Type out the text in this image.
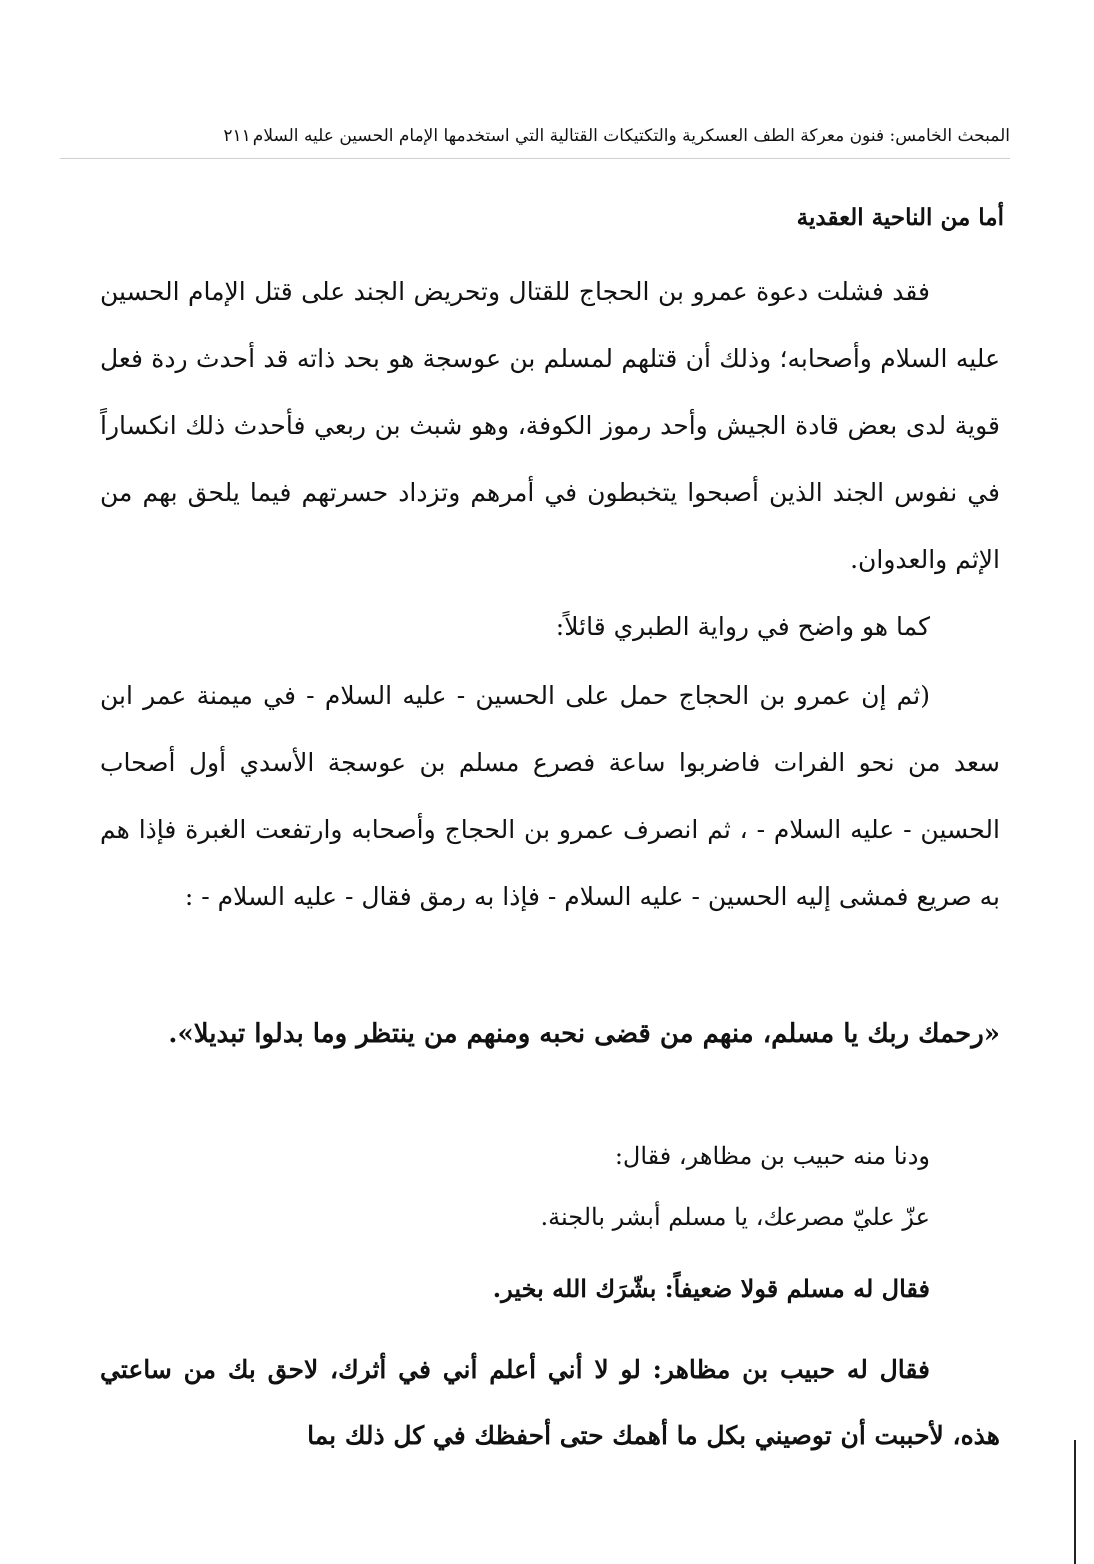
المبحث الخامس: فنون معركة الطف العسكرية والتكتيكات القتالية التي استخدمها الإمام الحسين عليه السلام٢١١
أما من الناحية العقدية
فقد فشلت دعوة عمرو بن الحجاج للقتال وتحريض الجند على قتل الإمام الحسين عليه السلام وأصحابه؛ وذلك أن قتلهم لمسلم بن عوسجة هو بحد ذاته قد أحدث ردة فعل قوية لدى بعض قادة الجيش وأحد رموز الكوفة، وهو شبث بن ربعي فأحدث ذلك انكساراً في نفوس الجند الذين أصبحوا يتخبطون في أمرهم وتزداد حسرتهم فيما يلحق بهم من الإثم والعدوان.
كما هو واضح في رواية الطبري قائلاً:
(ثم إن عمرو بن الحجاج حمل على الحسين - عليه السلام - في ميمنة عمر ابن سعد من نحو الفرات فاضربوا ساعة فصرع مسلم بن عوسجة الأسدي أول أصحاب الحسين - عليه السلام - ، ثم انصرف عمرو بن الحجاج وأصحابه وارتفعت الغبرة فإذا هم به صريع فمشى إليه الحسين - عليه السلام - فإذا به رمق فقال - عليه السلام - :
«رحمك ربك يا مسلم، منهم من قضى نحبه ومنهم من ينتظر وما بدلوا تبديلا».
ودنا منه حبيب بن مظاهر، فقال:
عزّ عليّ مصرعك، يا مسلم أبشر بالجنة.
فقال له مسلم قولا ضعيفاً: بشّرَك الله بخير.
فقال له حبيب بن مظاهر: لو لا أني أعلم أني في أثرك، لاحق بك من ساعتي هذه، لأحببت أن توصيني بكل ما أهمك حتى أحفظك في كل ذلك بما
